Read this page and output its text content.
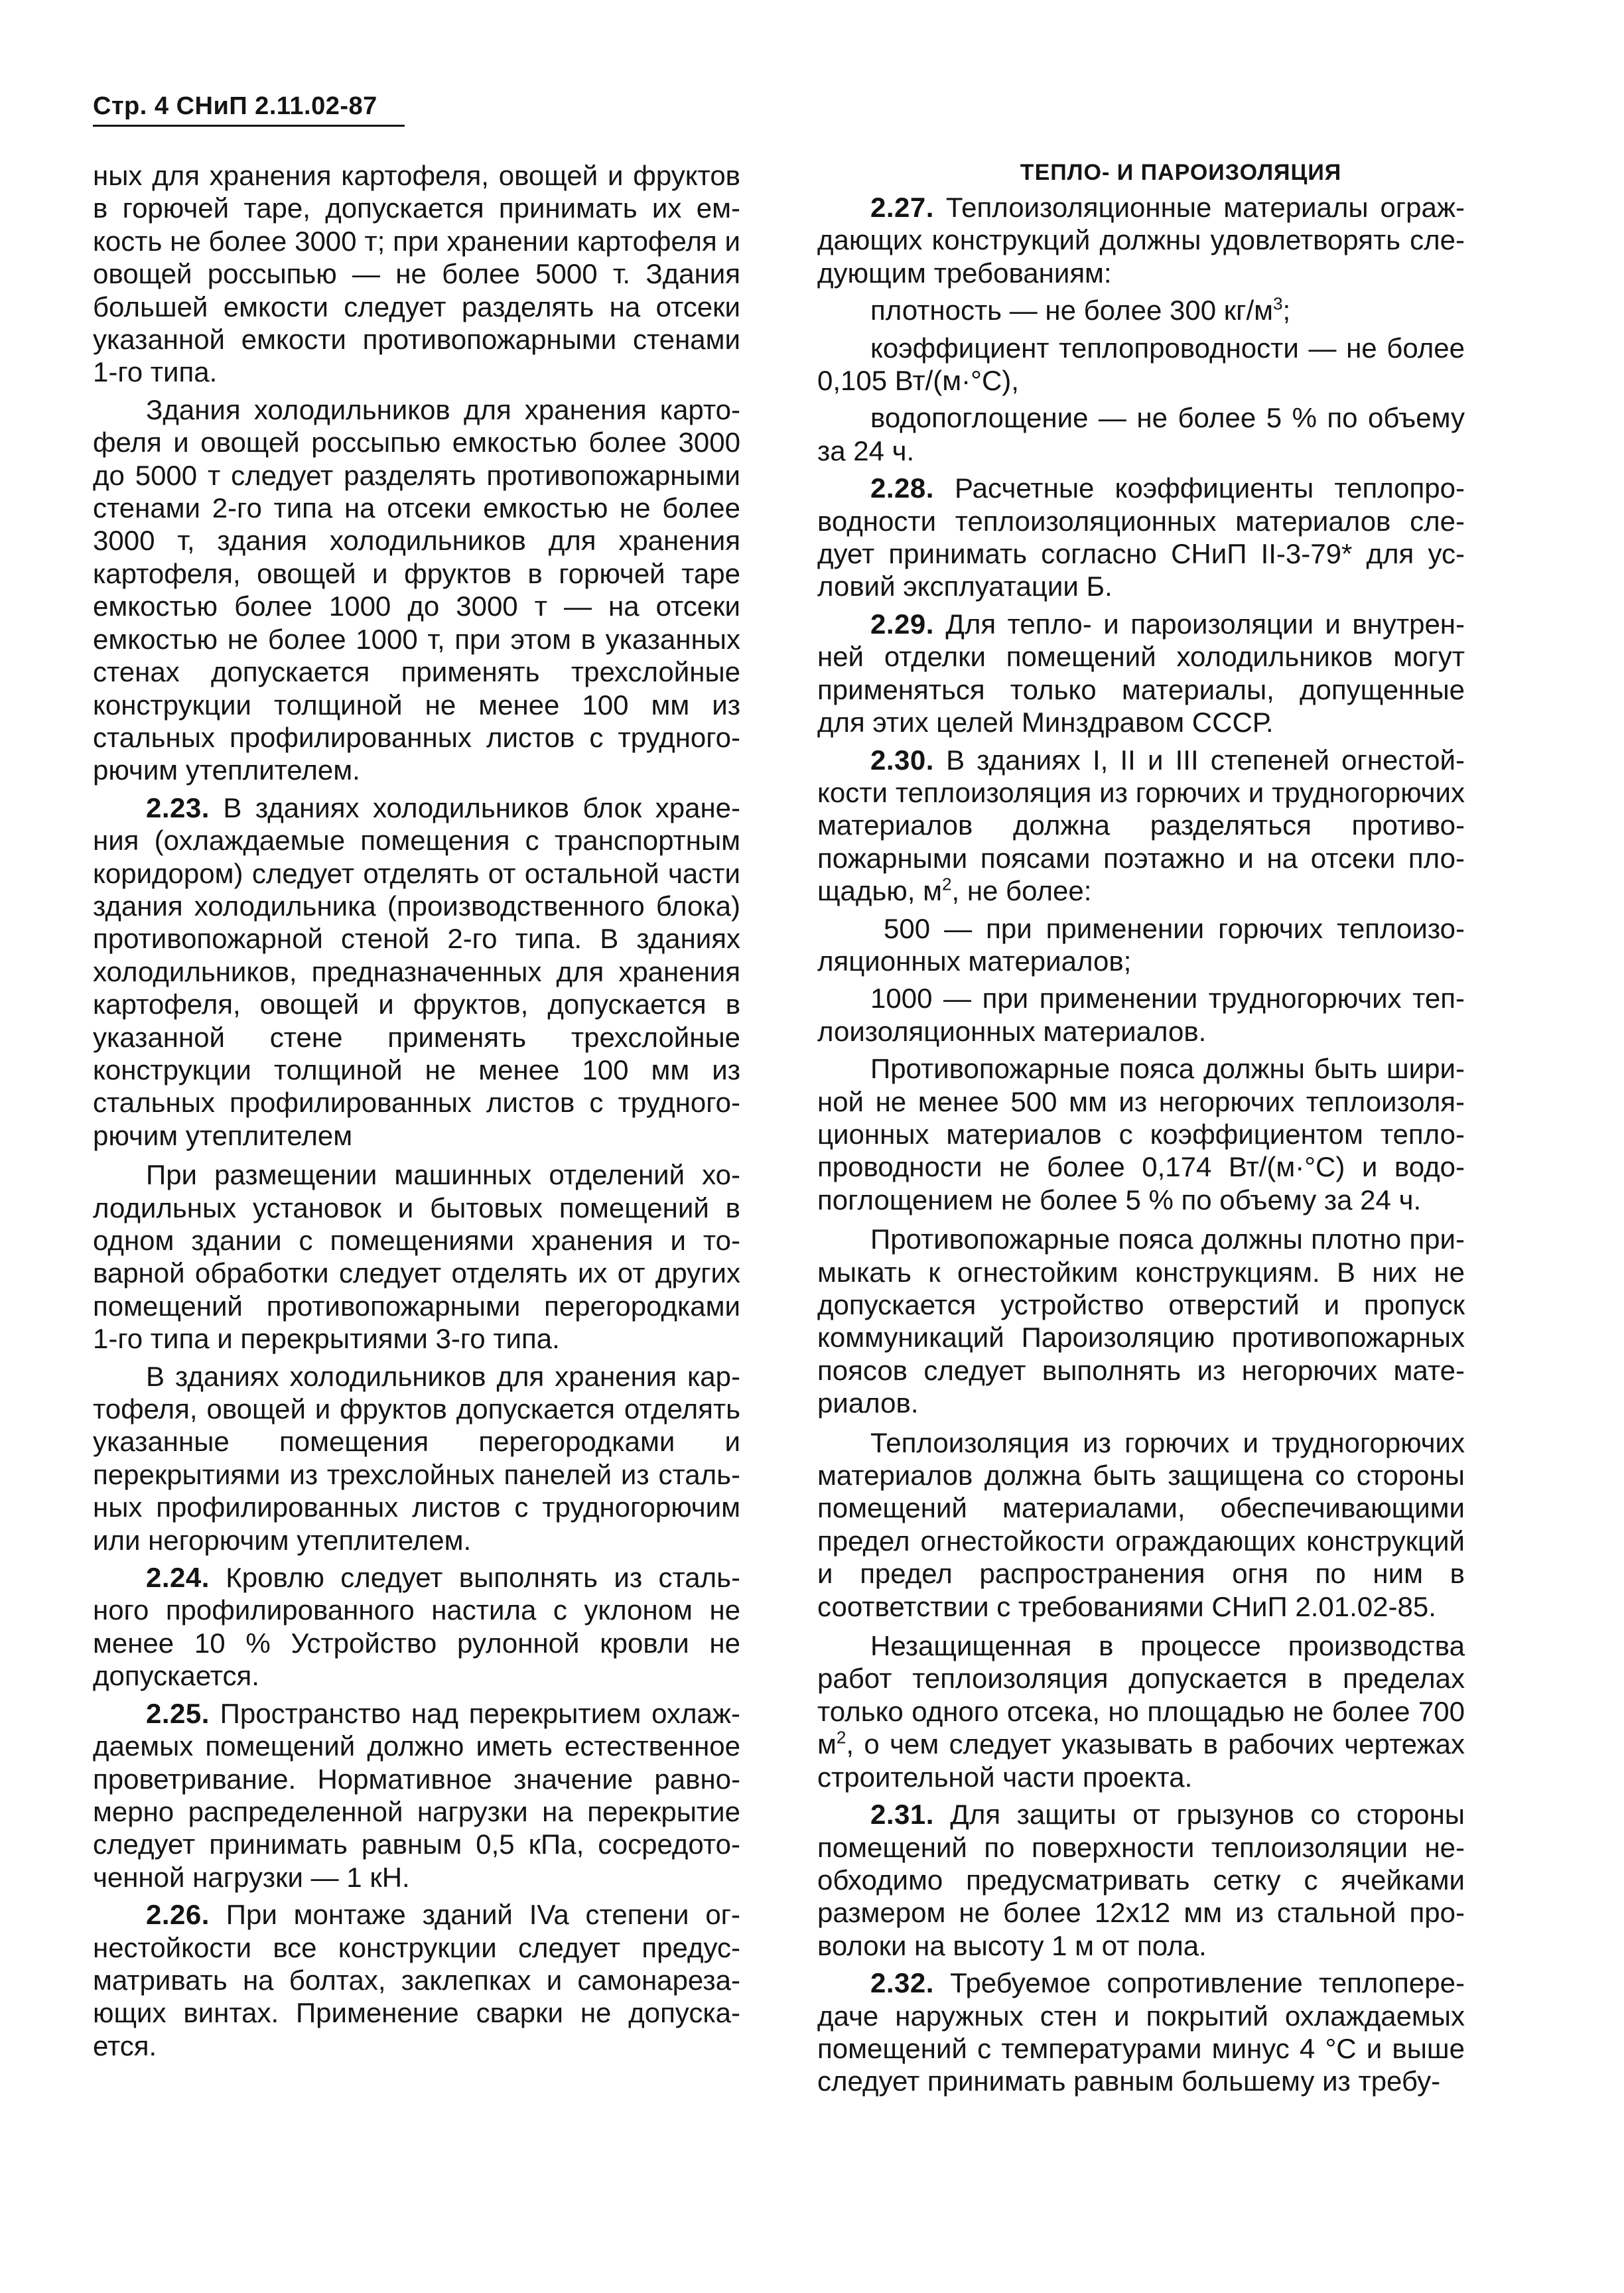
Стр. 4 СНиП 2.11.02-87

ных для хранения картофеля, овощей и фруктов в горючей таре, допускается принимать их емкость не более 3000 т; при хранении картофеля и овощей россыпью — не более 5000 т. Здания большей емкости следует разделять на отсеки указанной емкости противопожарными стенами 1-го типа.

Здания холодильников для хранения картофеля и овощей россыпью емкостью более 3000 до 5000 т следует разделять противопожарными стенами 2-го типа на отсеки емкостью не более 3000 т, здания холодильников для хранения картофеля, овощей и фруктов в горючей таре емкостью более 1000 до 3000 т — на отсеки емкостью не более 1000 т, при этом в указанных стенах допускается применять трехслойные конструкции толщиной не менее 100 мм из стальных профилированных листов с трудногорючим утеплителем.

2.23. В зданиях холодильников блок хранения (охлаждаемые помещения с транспортным коридором) следует отделять от остальной части здания холодильника (производственного блока) противопожарной стеной 2-го типа. В зданиях холодильников, предназначенных для хранения картофеля, овощей и фруктов, допускается в указанной стене применять трехслойные конструкции толщиной не менее 100 мм из стальных профилированных листов с трудногорючим утеплителем

При размещении машинных отделений холодильных установок и бытовых помещений в одном здании с помещениями хранения и товарной обработки следует отделять их от других помещений противопожарными перегородками 1-го типа и перекрытиями 3-го типа.

В зданиях холодильников для хранения картофеля, овощей и фруктов допускается отделять указанные помещения перегородками и перекрытиями из трехслойных панелей из стальных профилированных листов с трудногорючим или негорючим утеплителем.

2.24. Кровлю следует выполнять из стального профилированного настила с уклоном не менее 10 % Устройство рулонной кровли не допускается.

2.25. Пространство над перекрытием охлаждаемых помещений должно иметь естественное проветривание. Нормативное значение равномерно распределенной нагрузки на перекрытие следует принимать равным 0,5 кПа, сосредоточенной нагрузки — 1 кН.

2.26. При монтаже зданий IVa степени огнестойкости все конструкции следует предусматривать на болтах, заклепках и самонарезающих винтах. Применение сварки не допускается.

ТЕПЛО- И ПАРОИЗОЛЯЦИЯ

2.27. Теплоизоляционные материалы ограждающих конструкций должны удовлетворять следующим требованиям:

плотность — не более 300 $кг/м^3$;

коэффициент теплопроводности — не более 0,105 Вт/(м·°С),

водопоглощение — не более 5 % по объему за 24 ч.

2.28. Расчетные коэффициенты теплопроводности теплоизоляционных материалов следует принимать согласно СНиП II-3-79* для условий эксплуатации Б.

2.29. Для тепло- и пароизоляции и внутренней отделки помещений холодильников могут применяться только материалы, допущенные для этих целей Минздравом СССР.

2.30. В зданиях I, II и III степеней огнестойкости теплоизоляция из горючих и трудногорючих материалов должна разделяться противопожарными поясами поэтажно и на отсеки площадью, $м^2$, не более:

500 — при применении горючих теплоизоляционных материалов;

1000 — при применении трудногорючих теплоизоляционных материалов.

Противопожарные пояса должны быть шириной не менее 500 мм из негорючих теплоизоляционных материалов с коэффициентом теплопроводности не более 0,174 Вт/(м·°С) и водопоглощением не более 5 % по объему за 24 ч.

Противопожарные пояса должны плотно примыкать к огнестойким конструкциям. В них не допускается устройство отверстий и пропуск коммуникаций Пароизоляцию противопожарных поясов следует выполнять из негорючих материалов.

Теплоизоляция из горючих и трудногорючих материалов должна быть защищена со стороны помещений материалами, обеспечивающими предел огнестойкости ограждающих конструкций и предел распространения огня по ним в соответствии с требованиями СНиП 2.01.02-85.

Незащищенная в процессе производства работ теплоизоляция допускается в пределах только одного отсека, но площадью не более 700 $м^2$, о чем следует указывать в рабочих чертежах строительной части проекта.

2.31. Для защиты от грызунов со стороны помещений по поверхности теплоизоляции необходимо предусматривать сетку с ячейками размером не более 12х12 мм из стальной проволоки на высоту 1 м от пола.

2.32. Требуемое сопротивление теплопередаче наружных стен и покрытий охлаждаемых помещений с температурами минус 4 °С и выше следует принимать равным большему из требу-
